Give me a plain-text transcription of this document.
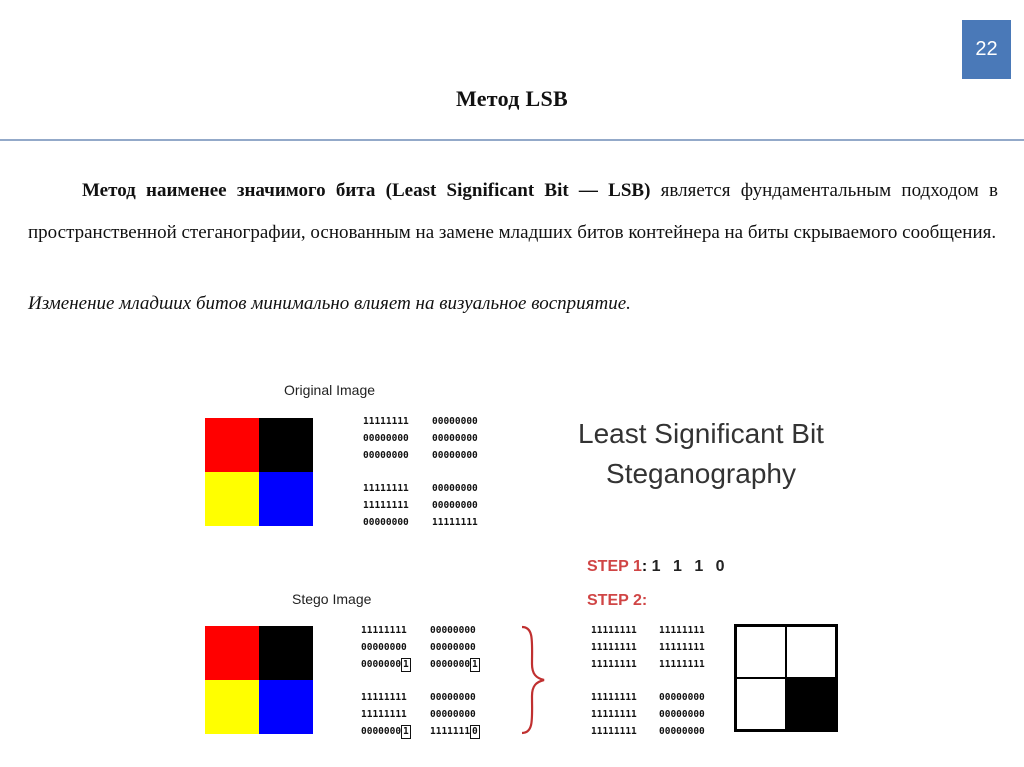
22
Метод LSB
Метод наименее значимого бита (Least Significant Bit — LSB) является фундаментальным подходом в пространственной стеганографии, основанным на замене младших битов контейнера на биты скрываемого сообщения.
Изменение младших битов минимально влияет на визуальное восприятие.
Original Image
11111111
00000000
00000000
11111111
11111111
00000000
00000000
00000000
00000000
00000000
00000000
11111111
Least Significant Bit
Steganography
STEP 1: 1 1 1 0
STEP 2:
Stego Image
11111111
00000000
0000000 1
11111111
11111111
0000000 1
00000000
00000000
0000000 1
00000000
00000000
1111111 0
11111111
11111111
11111111
11111111
11111111
11111111
11111111
11111111
11111111
00000000
00000000
00000000
